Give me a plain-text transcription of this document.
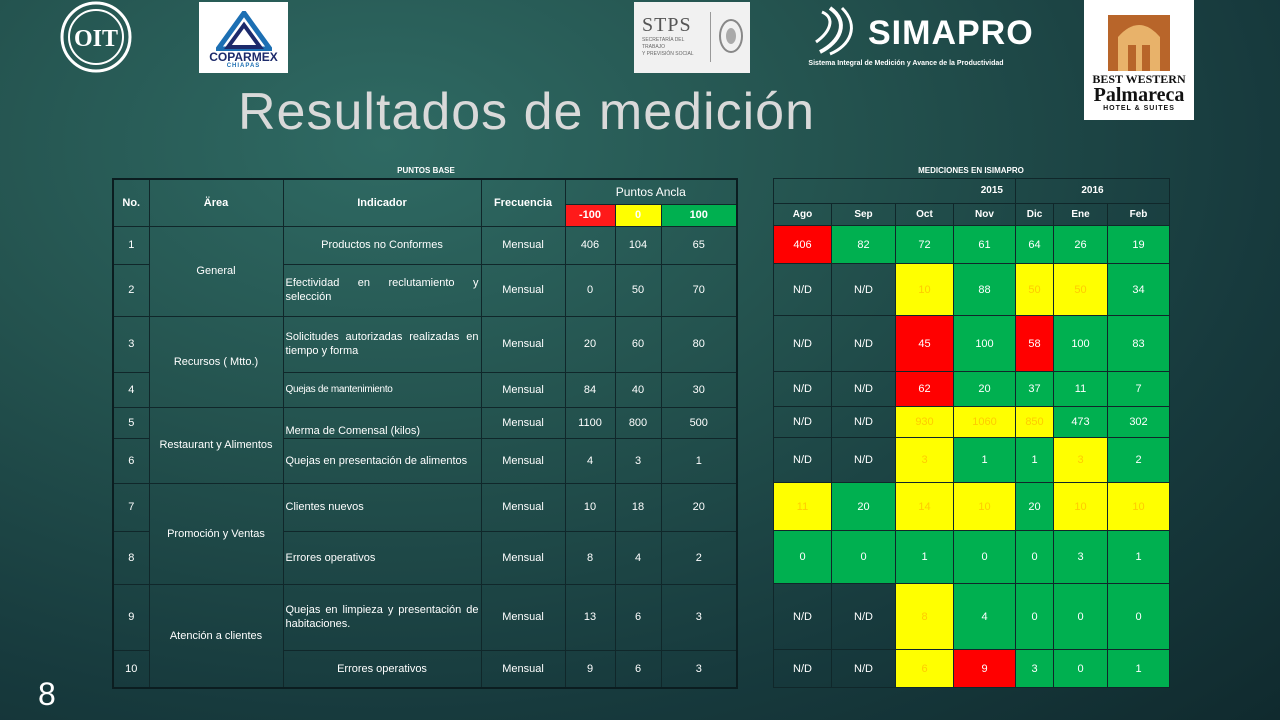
OIT
COPARMEX
CHIAPAS
STPS
SECRETARÍA DEL TRABAJO
Y PREVISIÓN SOCIAL
SIMAPRO
Sistema Integral de Medición y Avance de la Productividad
BEST WESTERN
Palmareca
HOTEL & SUITES
Resultados de medición
PUNTOS BASE	MEDICIONES EN ISIMAPRO
No.	Ärea	Indicador	Frecuencia	Puntos Ancla		
				-100	0	100
1	General	Productos no Conformes	Mensual	406	104	65
2		Efectividad en reclutamiento y selección	Mensual	0	50	70
3	Recursos ( Mtto.)	Solicitudes autorizadas realizadas en tiempo y forma	Mensual	20	60	80
4		Quejas de mantenimiento	Mensual	84	40	30
5	Restaurant y Alimentos	Merma de Comensal (kilos)	Mensual	1100	800	500
6		Quejas en presentación de alimentos	Mensual	4	3	1
7	Promoción y Ventas	Clientes nuevos	Mensual	10	18	20
8		Errores operativos	Mensual	8	4	2
9	Atención a clientes	Quejas en limpieza y presentación de habitaciones.	Mensual	13	6	3
10		Errores operativos	Mensual	9	6	3
2015				2016		
Ago	Sep	Oct	Nov	Dic	Ene	Feb
406	82	72	61	64	26	19
N/D	N/D	10	88	50	50	34
N/D	N/D	45	100	58	100	83
N/D	N/D	62	20	37	11	7
N/D	N/D	930	1060	850	473	302
N/D	N/D	3	1	1	3	2
11	20	14	10	20	10	10
0	0	1	0	0	3	1
N/D	N/D	8	4	0	0	0
N/D	N/D	6	9	3	0	1
8
